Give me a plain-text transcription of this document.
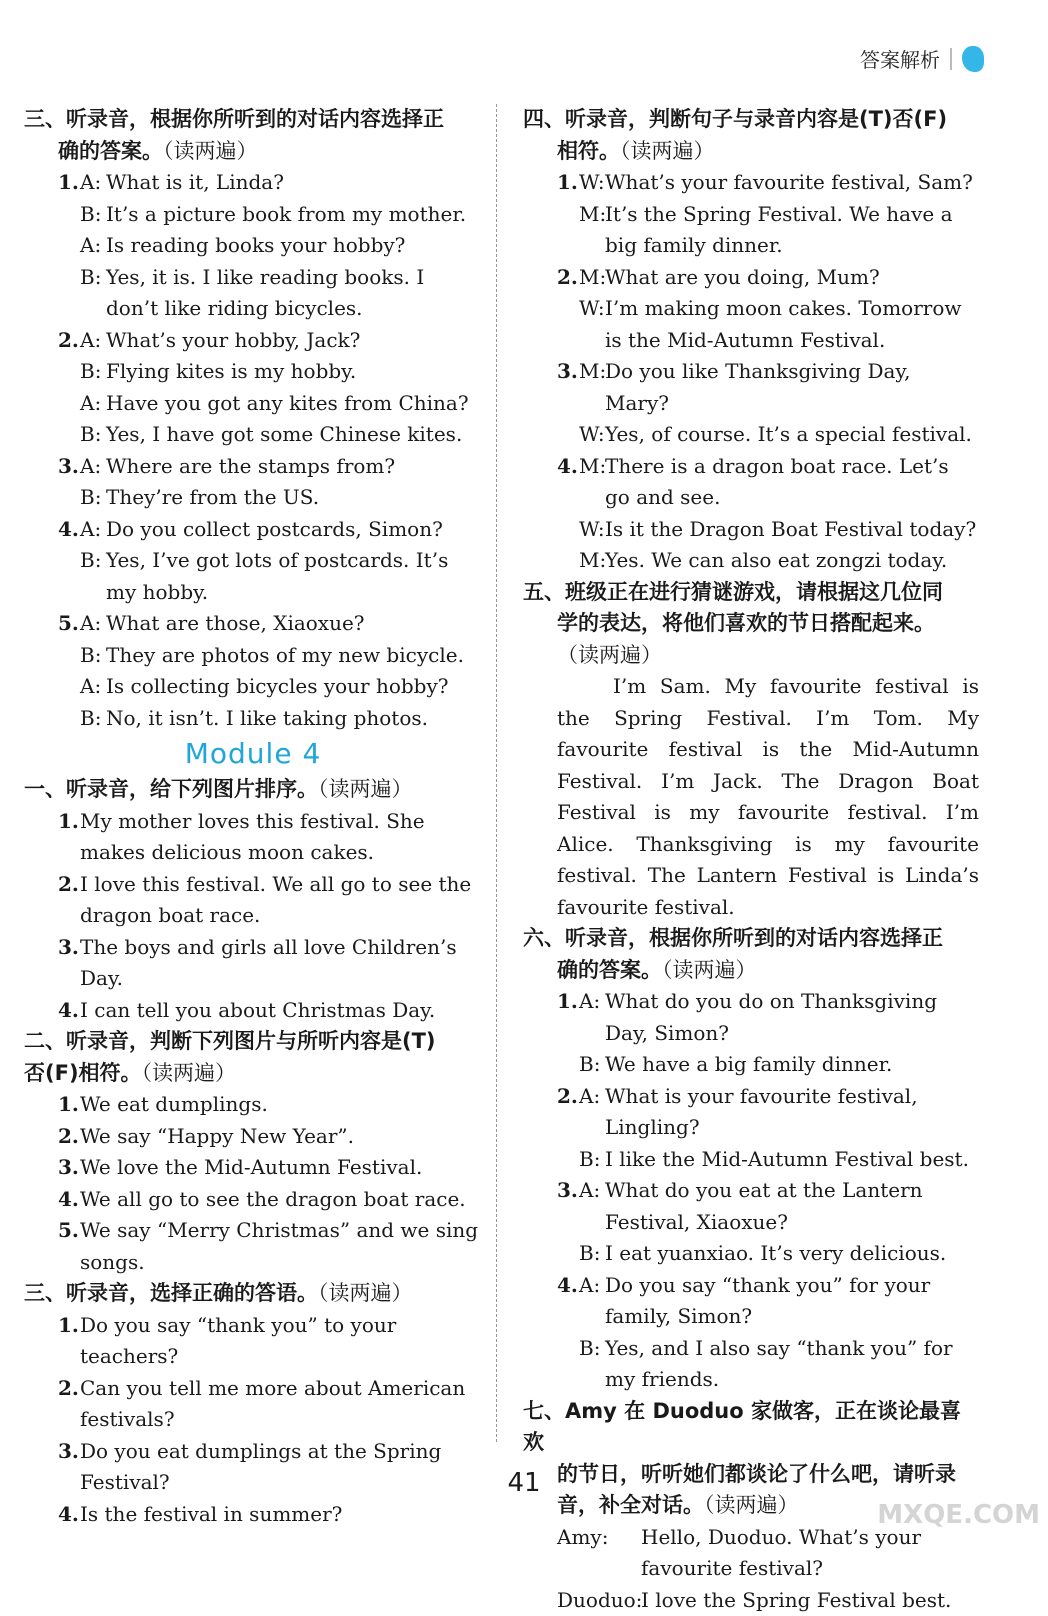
答案解析
三、听录音，根据你所听到的对话内容选择正
确的答案。（读两遍）
1. A: What is it, Linda?
B: It’s a picture book from my mother.
A: Is reading books your hobby?
B: Yes, it is. I like reading books. I don’t like riding bicycles.
2. A: What’s your hobby, Jack?
B: Flying kites is my hobby.
A: Have you got any kites from China?
B: Yes, I have got some Chinese kites.
3. A: Where are the stamps from?
B: They’re from the US.
4. A: Do you collect postcards, Simon?
B: Yes, I’ve got lots of postcards. It’s my hobby.
5. A: What are those, Xiaoxue?
B: They are photos of my new bicycle.
A: Is collecting bicycles your hobby?
B: No, it isn’t. I like taking photos.
Module 4
一、听录音，给下列图片排序。（读两遍）
1. My mother loves this festival. She makes delicious moon cakes.
2. I love this festival. We all go to see the dragon boat race.
3. The boys and girls all love Children’s Day.
4. I can tell you about Christmas Day.
二、听录音，判断下列图片与所听内容是(T)
否(F)相符。（读两遍）
1. We eat dumplings.
2. We say “Happy New Year”.
3. We love the Mid-Autumn Festival.
4. We all go to see the dragon boat race.
5. We say “Merry Christmas” and we sing songs.
三、听录音，选择正确的答语。（读两遍）
1. Do you say “thank you” to your teachers?
2. Can you tell me more about American festivals?
3. Do you eat dumplings at the Spring Festival?
4. Is the festival in summer?
四、听录音，判断句子与录音内容是(T)否(F)
相符。（读两遍）
1. W: What’s your favourite festival, Sam?
M:
It’s the Spring Festival. We have a big family dinner.
2. M:
What are you doing, Mum?
W: I’m making moon cakes. Tomorrow is the Mid-Autumn Festival.
3. M:
Do you like Thanksgiving Day, Mary?
W: Yes, of course. It’s a special festival.
4. M:
There is a dragon boat race. Let’s go and see.
W: Is it the Dragon Boat Festival today?
M:
Yes. We can also eat zongzi today.
五、班级正在进行猜谜游戏，请根据这几位同
学的表达，将他们喜欢的节日搭配起来。
（读两遍）
I’m Sam. My favourite festival is the Spring Festival. I’m Tom. My favourite festival is the Mid-Autumn Festival. I’m Jack. The Dragon Boat Festival is my favourite festival. I’m Alice. Thanksgiving is my favourite festival. The Lantern Festival is Linda’s favourite festival.
六、听录音，根据你所听到的对话内容选择正
确的答案。（读两遍）
1. A: What do you do on Thanksgiving Day, Simon?
B: We have a big family dinner.
2. A: What is your favourite festival, Lingling?
B: I like the Mid-Autumn Festival best.
3. A: What do you eat at the Lantern Festival, Xiaoxue?
B: I eat yuanxiao. It’s very delicious.
4. A: Do you say “thank you” for your family, Simon?
B: Yes, and I also say “thank you” for my friends.
七、Amy 在 Duoduo 家做客，正在谈论最喜欢
的节日，听听她们都谈论了什么吧，请听录
音，补全对话。（读两遍）
Amy:	Hello, Duoduo. What’s your favourite festival?
Duoduo:
I love the Spring Festival best.
41
MXQE.COM
